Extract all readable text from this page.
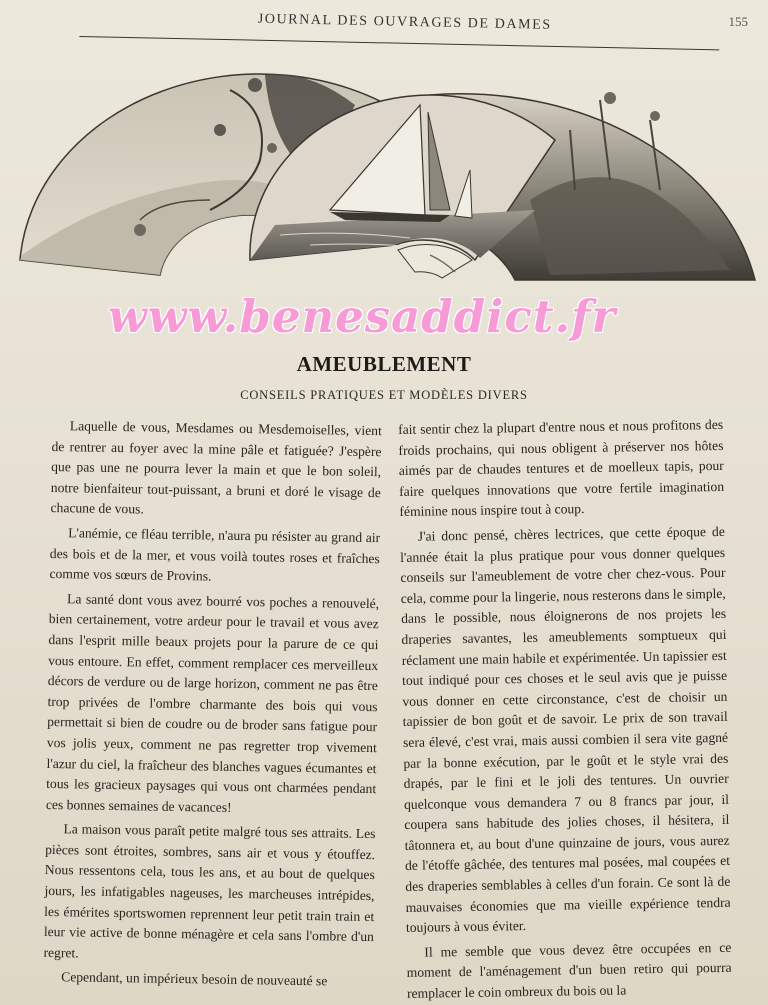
JOURNAL DES OUVRAGES DE DAMES	155
www.benesaddict.fr
AMEUBLEMENT
CONSEILS PRATIQUES ET MODÈLES DIVERS

Laquelle de vous, Mesdames ou Mesdemoiselles, vient de rentrer au foyer avec la mine pâle et fatiguée? J'espère que pas une ne pourra lever la main et que le bon soleil, notre bienfaiteur tout-puissant, a bruni et doré le visage de chacune de vous.

L'anémie, ce fléau terrible, n'aura pu résister au grand air des bois et de la mer, et vous voilà toutes roses et fraîches comme vos sœurs de Provins.

La santé dont vous avez bourré vos poches a renouvelé, bien certainement, votre ardeur pour le travail et vous avez dans l'esprit mille beaux projets pour la parure de ce qui vous entoure. En effet, comment remplacer ces merveilleux décors de verdure ou de large horizon, comment ne pas être trop privées de l'ombre charmante des bois qui vous permettait si bien de coudre ou de broder sans fatigue pour vos jolis yeux, comment ne pas regretter trop vivement l'azur du ciel, la fraîcheur des blanches vagues écumantes et tous les gracieux paysages qui vous ont charmées pendant ces bonnes semaines de vacances!

La maison vous paraît petite malgré tous ses attraits. Les pièces sont étroites, sombres, sans air et vous y étouffez. Nous ressentons cela, tous les ans, et au bout de quelques jours, les infatigables nageuses, les marcheuses intrépides, les émérites sportswomen reprennent leur petit train train et leur vie active de bonne ménagère et cela sans l'ombre d'un regret.

Cependant, un impérieux besoin de nouveauté se

fait sentir chez la plupart d'entre nous et nous profitons des froids prochains, qui nous obligent à préserver nos hôtes aimés par de chaudes tentures et de moelleux tapis, pour faire quelques innovations que votre fertile imagination féminine nous inspire tout à coup.

J'ai donc pensé, chères lectrices, que cette époque de l'année était la plus pratique pour vous donner quelques conseils sur l'ameublement de votre cher chez-vous. Pour cela, comme pour la lingerie, nous resterons dans le simple, dans le possible, nous éloignerons de nos projets les draperies savantes, les ameublements somptueux qui réclament une main habile et expérimentée. Un tapissier est tout indiqué pour ces choses et le seul avis que je puisse vous donner en cette circonstance, c'est de choisir un tapissier de bon goût et de savoir. Le prix de son travail sera élevé, c'est vrai, mais aussi combien il sera vite gagné par la bonne exécution, par le goût et le style vrai des drapés, par le fini et le joli des tentures. Un ouvrier quelconque vous demandera 7 ou 8 francs par jour, il coupera sans habitude des jolies choses, il hésitera, il tâtonnera et, au bout d'une quinzaine de jours, vous aurez de l'étoffe gâchée, des tentures mal posées, mal coupées et des draperies semblables à celles d'un forain. Ce sont là de mauvaises économies que ma vieille expérience tendra toujours à vous éviter.

Il me semble que vous devez être occupées en ce moment de l'aménagement d'un buen retiro qui pourra remplacer le coin ombreux du bois ou la
